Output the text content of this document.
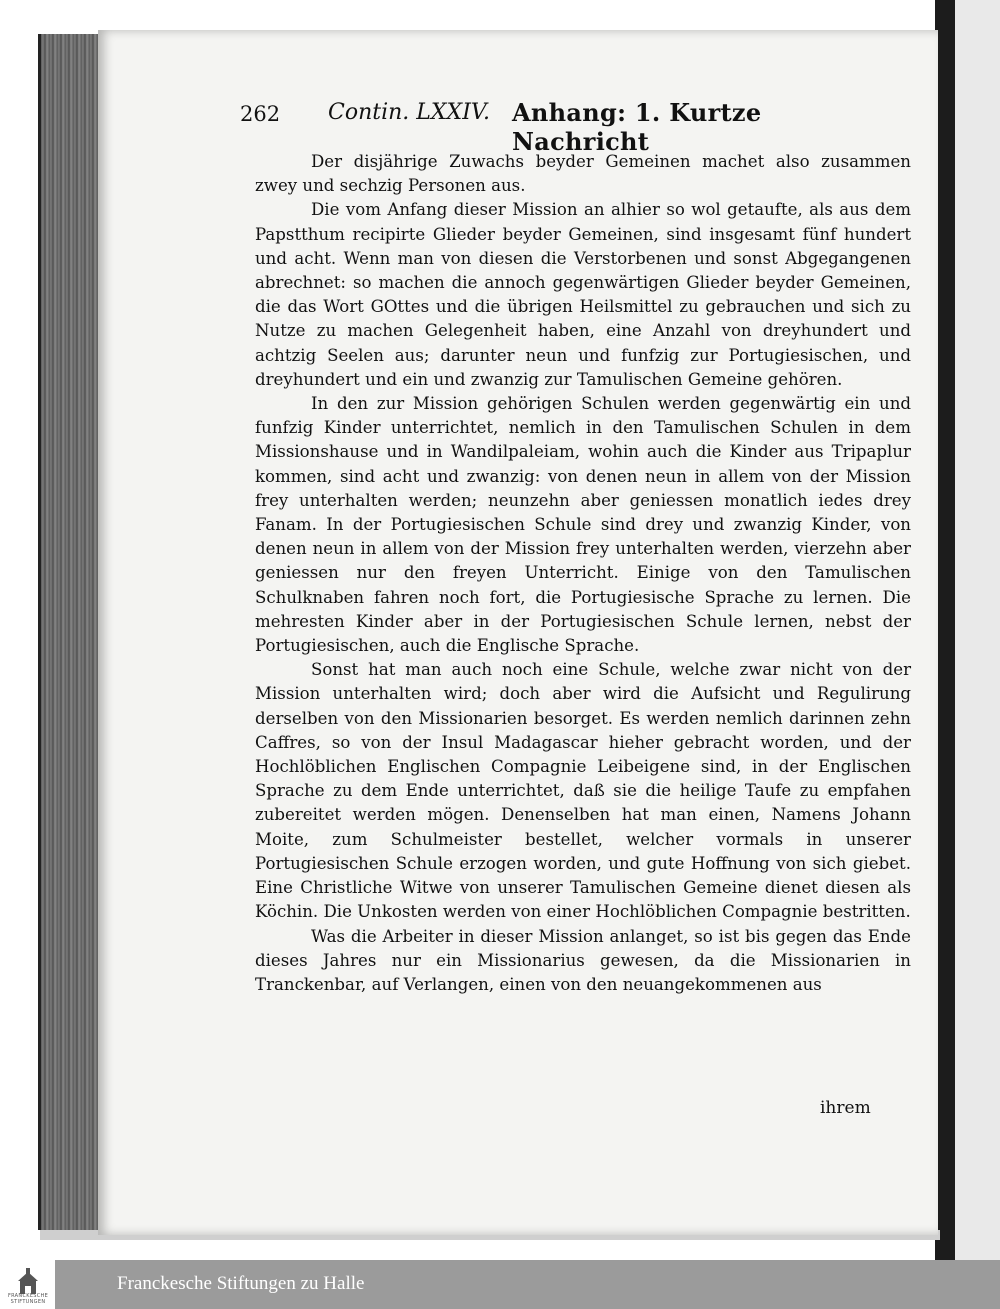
262 Contin. LXXIV. Anhang: 1. Kurtze Nachricht

Der disjährige Zuwachs beyder Gemeinen machet also zusammen zwey und sechzig Personen aus.

Die vom Anfang dieser Mission an alhier so wol getaufte, als aus dem Papstthum recipirte Glieder beyder Gemeinen, sind insgesamt fünf hundert und acht. Wenn man von diesen die Verstorbenen und sonst Abgegangenen abrechnet: so machen die annoch gegenwärtigen Glieder beyder Gemeinen, die das Wort GOttes und die übrigen Heilsmittel zu gebrauchen und sich zu Nutze zu machen Gelegenheit haben, eine Anzahl von dreyhundert und achtzig Seelen aus; darunter neun und funfzig zur Portugiesischen, und dreyhundert und ein und zwanzig zur Tamulischen Gemeine gehören.

In den zur Mission gehörigen Schulen werden gegenwärtig ein und funfzig Kinder unterrichtet, nemlich in den Tamulischen Schulen in dem Missionshause und in Wandilpaleiam, wohin auch die Kinder aus Tripaplur kommen, sind acht und zwanzig: von denen neun in allem von der Mission frey unterhalten werden; neunzehn aber geniessen monatlich iedes drey Fanam. In der Portugiesischen Schule sind drey und zwanzig Kinder, von denen neun in allem von der Mission frey unterhalten werden, vierzehn aber geniessen nur den freyen Unterricht. Einige von den Tamulischen Schulknaben fahren noch fort, die Portugiesische Sprache zu lernen. Die mehresten Kinder aber in der Portugiesischen Schule lernen, nebst der Portugiesischen, auch die Englische Sprache.

Sonst hat man auch noch eine Schule, welche zwar nicht von der Mission unterhalten wird; doch aber wird die Aufsicht und Regulirung derselben von den Missionarien besorget. Es werden nemlich darinnen zehn Caffres, so von der Insul Madagascar hieher gebracht worden, und der Hochlöblichen Englischen Compagnie Leibeigene sind, in der Englischen Sprache zu dem Ende unterrichtet, daß sie die heilige Taufe zu empfahen zubereitet werden mögen. Denenselben hat man einen, Namens Johann Moite, zum Schulmeister bestellet, welcher vormals in unserer Portugiesischen Schule erzogen worden, und gute Hoffnung von sich giebet. Eine Christliche Witwe von unserer Tamulischen Gemeine dienet diesen als Köchin. Die Unkosten werden von einer Hochlöblichen Compagnie bestritten.

Was die Arbeiter in dieser Mission anlanget, so ist bis gegen das Ende dieses Jahres nur ein Missionarius gewesen, da die Missionarien in Tranckenbar, auf Verlangen, einen von den neuangekommenen aus

ihrem
FRANCKESCHE STIFTUNGEN
Franckesche Stiftungen zu Halle
